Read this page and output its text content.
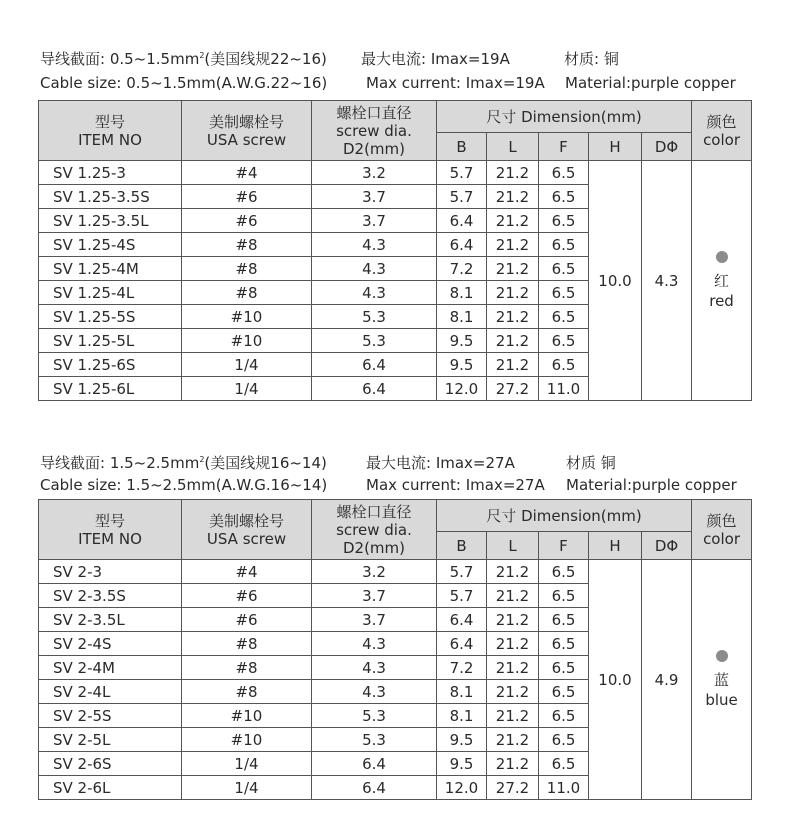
导线截面: $0.5\sim 1.5mm^2$(美国线规22~16) 最大电流: Imax=19A	材质: 铜
Cable size: 0.5~1.5mm(A.W.G.22~16)	Max current: Imax=19A Material:purple copper
型号
ITEM NO	美制螺栓号
USA screw	螺栓口直径
screw dia.
D2(mm)	尺寸 Dimension(mm)					颜色
color

			B	L	F	H	DΦ	
SV 1.25-3	#4	3.2	5.7	21.2	6.5	10.0	4.3	红
red

SV 1.25-3.5S	#6	3.7	5.7	21.2	6.5			
SV 1.25-3.5L	#6	3.7	6.4	21.2	6.5			
SV 1.25-4S	#8	4.3	6.4	21.2	6.5			
SV 1.25-4M	#8	4.3	7.2	21.2	6.5			
SV 1.25-4L	#8	4.3	8.1	21.2	6.5			
SV 1.25-5S	#10	5.3	8.1	21.2	6.5			
SV 1.25-5L	#10	5.3	9.5	21.2	6.5			
SV 1.25-6S	1/4	6.4	9.5	21.2	6.5			
SV 1.25-6L	1/4	6.4	12.0	27.2	11.0			
导线截面: $1.5\sim 2.5mm^2$(美国线规16~14)	最大电流: Imax=27A	材质 铜
Cable size: 1.5~2.5mm(A.W.G.16~14)	Max current: Imax=27A Material:purple copper
型号
ITEM NO	美制螺栓号
USA screw	螺栓口直径
screw dia.
D2(mm)	尺寸 Dimension(mm)					颜色
color

			B	L	F	H	DΦ	
SV 2-3	#4	3.2	5.7	21.2	6.5	10.0	4.9	蓝
blue

SV 2-3.5S	#6	3.7	5.7	21.2	6.5			
SV 2-3.5L	#6	3.7	6.4	21.2	6.5			
SV 2-4S	#8	4.3	6.4	21.2	6.5			
SV 2-4M	#8	4.3	7.2	21.2	6.5			
SV 2-4L	#8	4.3	8.1	21.2	6.5			
SV 2-5S	#10	5.3	8.1	21.2	6.5			
SV 2-5L	#10	5.3	9.5	21.2	6.5			
SV 2-6S	1/4	6.4	9.5	21.2	6.5			
SV 2-6L	1/4	6.4	12.0	27.2	11.0			
